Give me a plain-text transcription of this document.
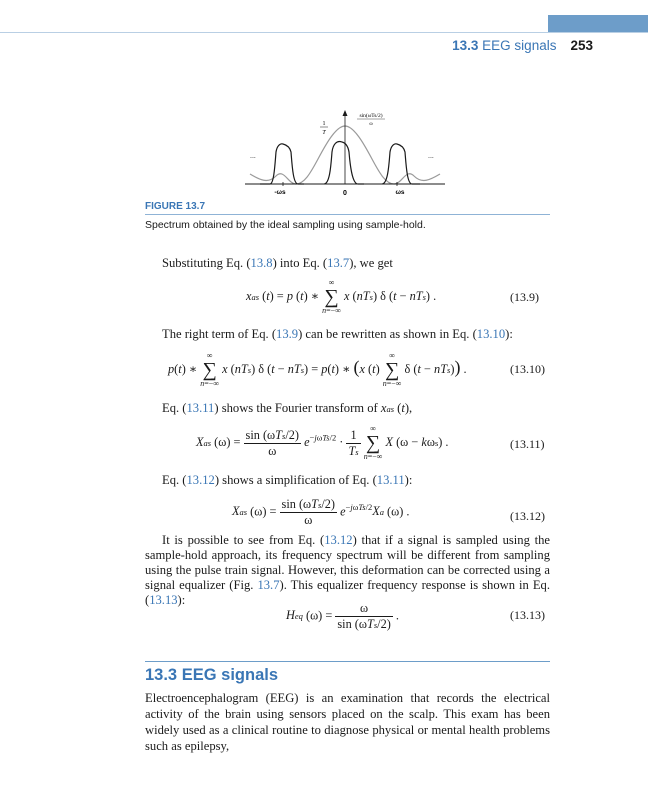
13.3 EEG signals 253
sin(ωTs/2)
ω
1
T
...	...
-ωs	0	ωs
FIGURE 13.7
Spectrum obtained by the ideal sampling using sample-hold.
Substituting Eq. (13.8) into Eq. (13.7), we get
xas (t) = p (t) ∗
∞
∑
n=−∞
x (nTs) δ (t − nTs) .	(13.9)
The right term of Eq. (13.9) can be rewritten as shown in Eq. (13.10):
p(t) ∗
∞
∑
n=−∞
x (nTs) δ (t − nTs) = p(t) ∗ (x (t)
∞
∑
n=−∞
δ (t − nTs)) .	(13.10)
Eq. (13.11) shows the Fourier transform of xas (t),
Xas $(\omega) = \frac{\text{sin (ωTs/2)}}{\omega} e^{-j\omega Ts/2} \cdot \frac{1}{Ts}$
	∞
∑
n=−∞
X (ω − kωs) .	(13.11)
Eq. (13.12) shows a simplification of Eq. (13.11):
Xas $(\omega) = \frac{\text{sin (ωTs/2)}}{\omega} e^{-j\omega Ts/2}Xa$ (ω) .	(13.12)
It is possible to see from Eq. (13.12) that if a signal is sampled using the sample-hold approach, its frequency spectrum will be different from sampling using the pulse train signal. However, this deformation can be corrected using a signal equalizer (Fig. 13.7). This equalizer frequency response is shown in Eq. (13.13):
Heq $(\omega) = \frac{\omega}{\text{sin (ωTs/2)}}$ .	(13.13)
13.3 EEG signals
Electroencephalogram (EEG) is an examination that records the electrical activity of the brain using sensors placed on the scalp. This exam has been widely used as a clinical routine to diagnose physical or mental health problems such as epilepsy,
